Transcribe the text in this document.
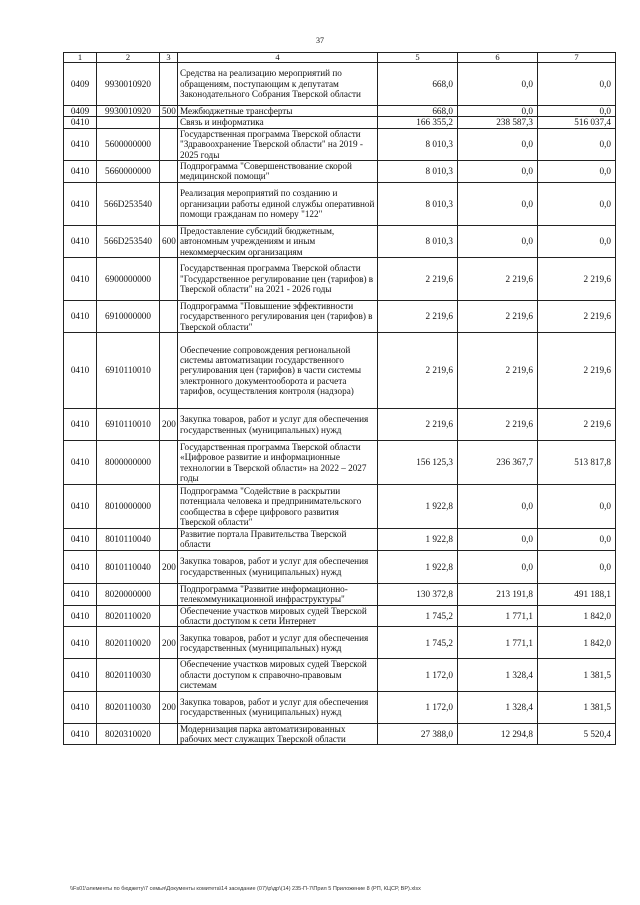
37
1	2	3	4	5	6	7
0409	9930010920		Средства на реализацию мероприятий по обращениям, поступающим к депутатам Законодательного Собрания Тверской области	668,0	0,0	0,0
0409	9930010920	500	Межбюджетные трансферты	668,0	0,0	0,0
0410			Связь и информатика	166 355,2	238 587,3	516 037,4
0410	5600000000		Государственная программа Тверской области "Здравоохранение Тверской области" на 2019 - 2025 годы	8 010,3	0,0	0,0
0410	5660000000		Подпрограмма "Совершенствование скорой медицинской помощи"	8 010,3	0,0	0,0
0410	566D253540		Реализация мероприятий по созданию и организации работы единой службы оперативной помощи гражданам по номеру "122"	8 010,3	0,0	0,0
0410	566D253540	600	Предоставление субсидий бюджетным, автономным учреждениям и иным некоммерческим организациям	8 010,3	0,0	0,0
0410	6900000000		Государственная программа Тверской области "Государственное регулирование цен (тарифов) в Тверской области" на 2021 - 2026 годы	2 219,6	2 219,6	2 219,6
0410	6910000000		Подпрограмма "Повышение эффективности государственного регулирования цен (тарифов) в Тверской области"	2 219,6	2 219,6	2 219,6
0410	6910110010		Обеспечение сопровождения региональной системы автоматизации государственного регулирования цен (тарифов) в части системы электронного документооборота и расчета тарифов, осуществления контроля (надзора)	2 219,6	2 219,6	2 219,6
0410	6910110010	200	Закупка товаров, работ и услуг для обеспечения государственных (муниципальных) нужд	2 219,6	2 219,6	2 219,6
0410	8000000000		Государственная программа Тверской области «Цифровое развитие и информационные технологии в Тверской области» на 2022 – 2027 годы	156 125,3	236 367,7	513 817,8
0410	8010000000		Подпрограмма "Содействие в раскрытии потенциала человека и предпринимательского сообщества в сфере цифрового развития Тверской области"	1 922,8	0,0	0,0
0410	8010110040		Развитие портала Правительства Тверской области	1 922,8	0,0	0,0
0410	8010110040	200	Закупка товаров, работ и услуг для обеспечения государственных (муниципальных) нужд	1 922,8	0,0	0,0
0410	8020000000		Подпрограмма "Развитие информационно-телекоммуникационной инфраструктуры"	130 372,8	213 191,8	491 188,1
0410	8020110020		Обеспечение участков мировых судей Тверской области доступом к сети Интернет	1 745,2	1 771,1	1 842,0
0410	8020110020	200	Закупка товаров, работ и услуг для обеспечения государственных (муниципальных) нужд	1 745,2	1 771,1	1 842,0
0410	8020110030		Обеспечение участков мировых судей Тверской области доступом к справочно-правовым системам	1 172,0	1 328,4	1 381,5
0410	8020110030	200	Закупка товаров, работ и услуг для обеспечения государственных (муниципальных) нужд	1 172,0	1 328,4	1 381,5
0410	8020310020		Модернизация парка автоматизированных рабочих мест служащих Тверской области	27 388,0	12 294,8	5 520,4
\\Fs01\элементы по бюджету\7 семья\Документы комитета\14 заседание (07)\р\др\(14) 235-П-7\Прил 5 Приложение 8 (РП, КЦСР, ВР).xlsx
